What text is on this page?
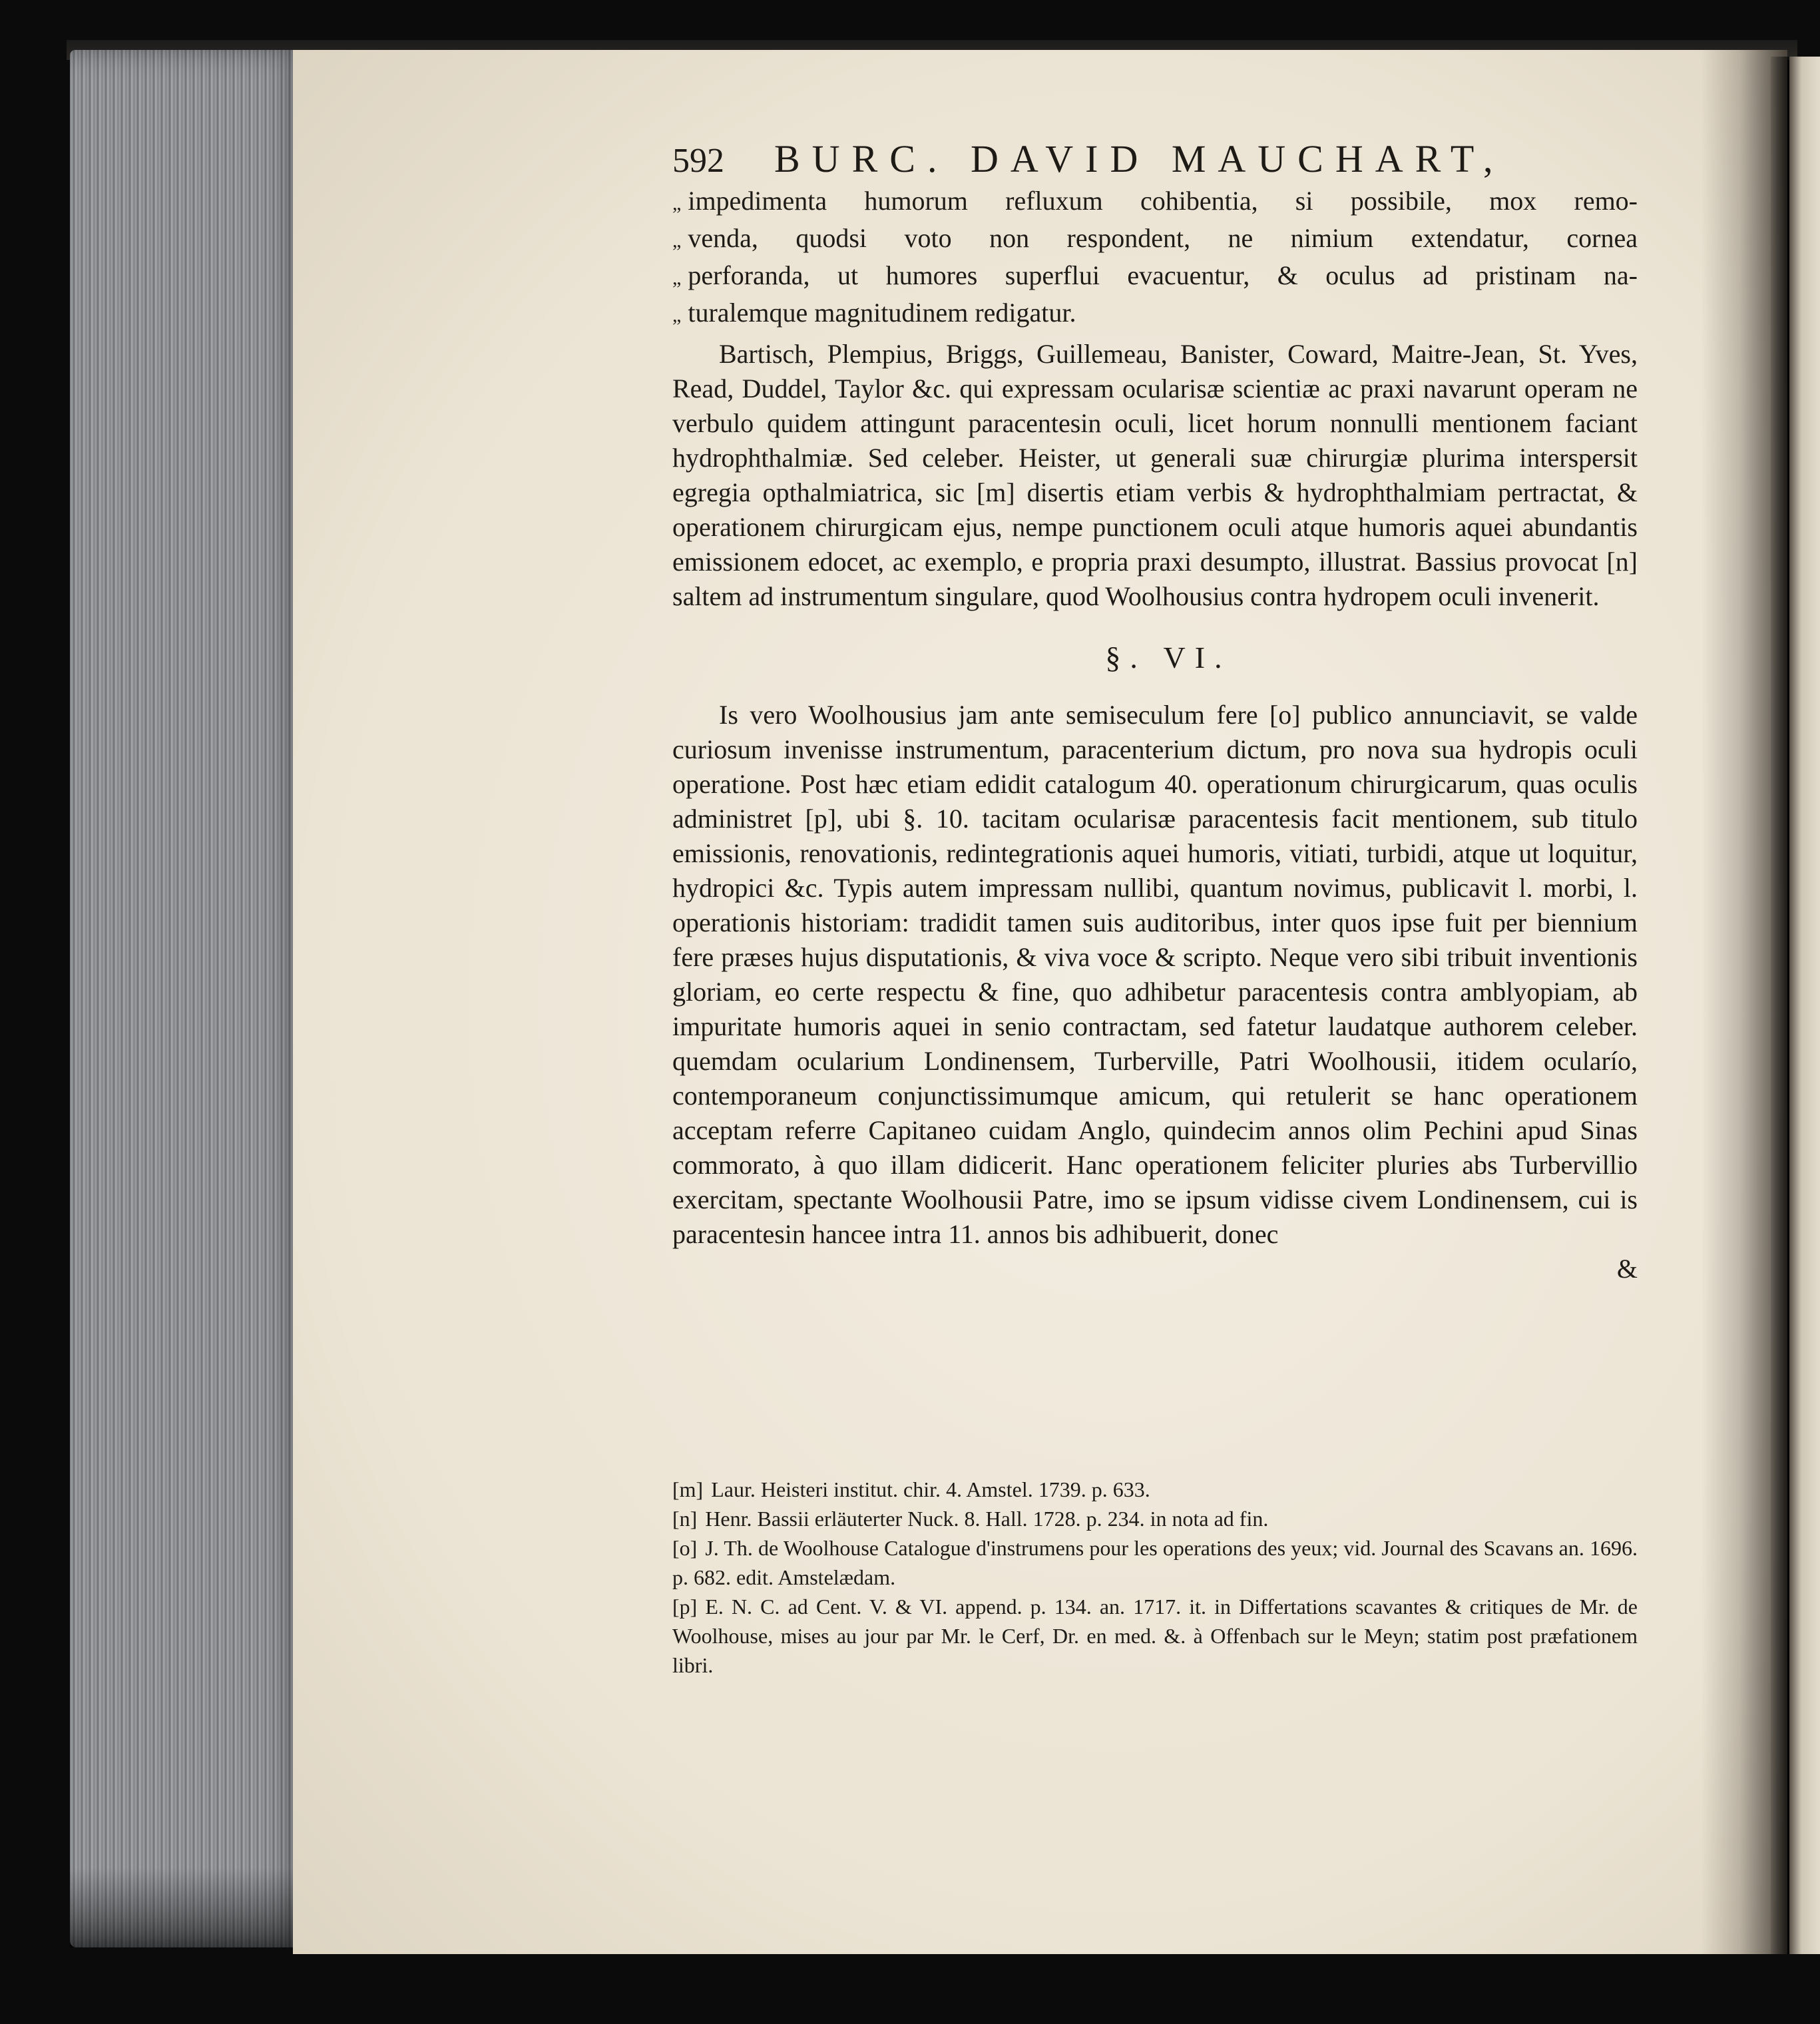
592 BURC. DAVID MAUCHART,
„ impedimenta humorum refluxum cohibentia, si possibile, mox remo-
„ venda, quodsi voto non respondent, ne nimium extendatur, cornea
„ perforanda, ut humores superflui evacuentur, & oculus ad pristinam na-
„ turalemque magnitudinem redigatur.

Bartisch, Plempius, Briggs, Guillemeau, Banister, Coward, Maitre-Jean, St. Yves, Read, Duddel, Taylor &c. qui expressam ocularisæ scientiæ ac praxi navarunt operam ne verbulo quidem attingunt paracentesin oculi, licet horum nonnulli mentionem faciant hydrophthalmiæ. Sed celeber. Heister, ut generali suæ chirurgiæ plurima interspersit egregia opthalmiatrica, sic [m] disertis etiam verbis & hydrophthalmiam pertractat, & operationem chirurgicam ejus, nempe punctionem oculi atque humoris aquei abundantis emissionem edocet, ac exemplo, e propria praxi desumpto, illustrat. Bassius provocat [n] saltem ad instrumentum singulare, quod Woolhousius contra hydropem oculi invenerit.

§. VI.

Is vero Woolhousius jam ante semiseculum fere [o] publico annunciavit, se valde curiosum invenisse instrumentum, paracenterium dictum, pro nova sua hydropis oculi operatione. Post hæc etiam edidit catalogum 40. operationum chirurgicarum, quas oculis administret [p], ubi §. 10. tacitam ocularisæ paracentesis facit mentionem, sub titulo emissionis, renovationis, redintegrationis aquei humoris, vitiati, turbidi, atque ut loquitur, hydropici &c. Typis autem impressam nullibi, quantum novimus, publicavit l. morbi, l. operationis historiam: tradidit tamen suis auditoribus, inter quos ipse fuit per biennium fere præses hujus disputationis, & viva voce & scripto. Neque vero sibi tribuit inventionis gloriam, eo certe respectu & fine, quo adhibetur paracentesis contra amblyopiam, ab impuritate humoris aquei in senio contractam, sed fatetur laudatque authorem celeber. quemdam ocularium Londinensem, Turberville, Patri Woolhousii, itidem ocularío, contemporaneum conjunctissimumque amicum, qui retulerit se hanc operationem acceptam referre Capitaneo cuidam Anglo, quindecim annos olim Pechini apud Sinas commorato, à quo illam didicerit. Hanc operationem feliciter pluries abs Turbervillio exercitam, spectante Woolhousii Patre, imo se ipsum vidisse civem Londinensem, cui is paracentesin hancee intra 11. annos bis adhibuerit, donec

&

[m] Laur. Heisteri institut. chir. 4. Amstel. 1739. p. 633.

[n] Henr. Bassii erläuterter Nuck. 8. Hall. 1728. p. 234. in nota ad fin.

[o] J. Th. de Woolhouse Catalogue d'instrumens pour les operations des yeux; vid. Journal des Scavans an. 1696. p. 682. edit. Amstelædam.

[p] E. N. C. ad Cent. V. & VI. append. p. 134. an. 1717. it. in Differtations scavantes & critiques de Mr. de Woolhouse, mises au jour par Mr. le Cerf, Dr. en med. &. à Offenbach sur le Meyn; statim post præfationem libri.
